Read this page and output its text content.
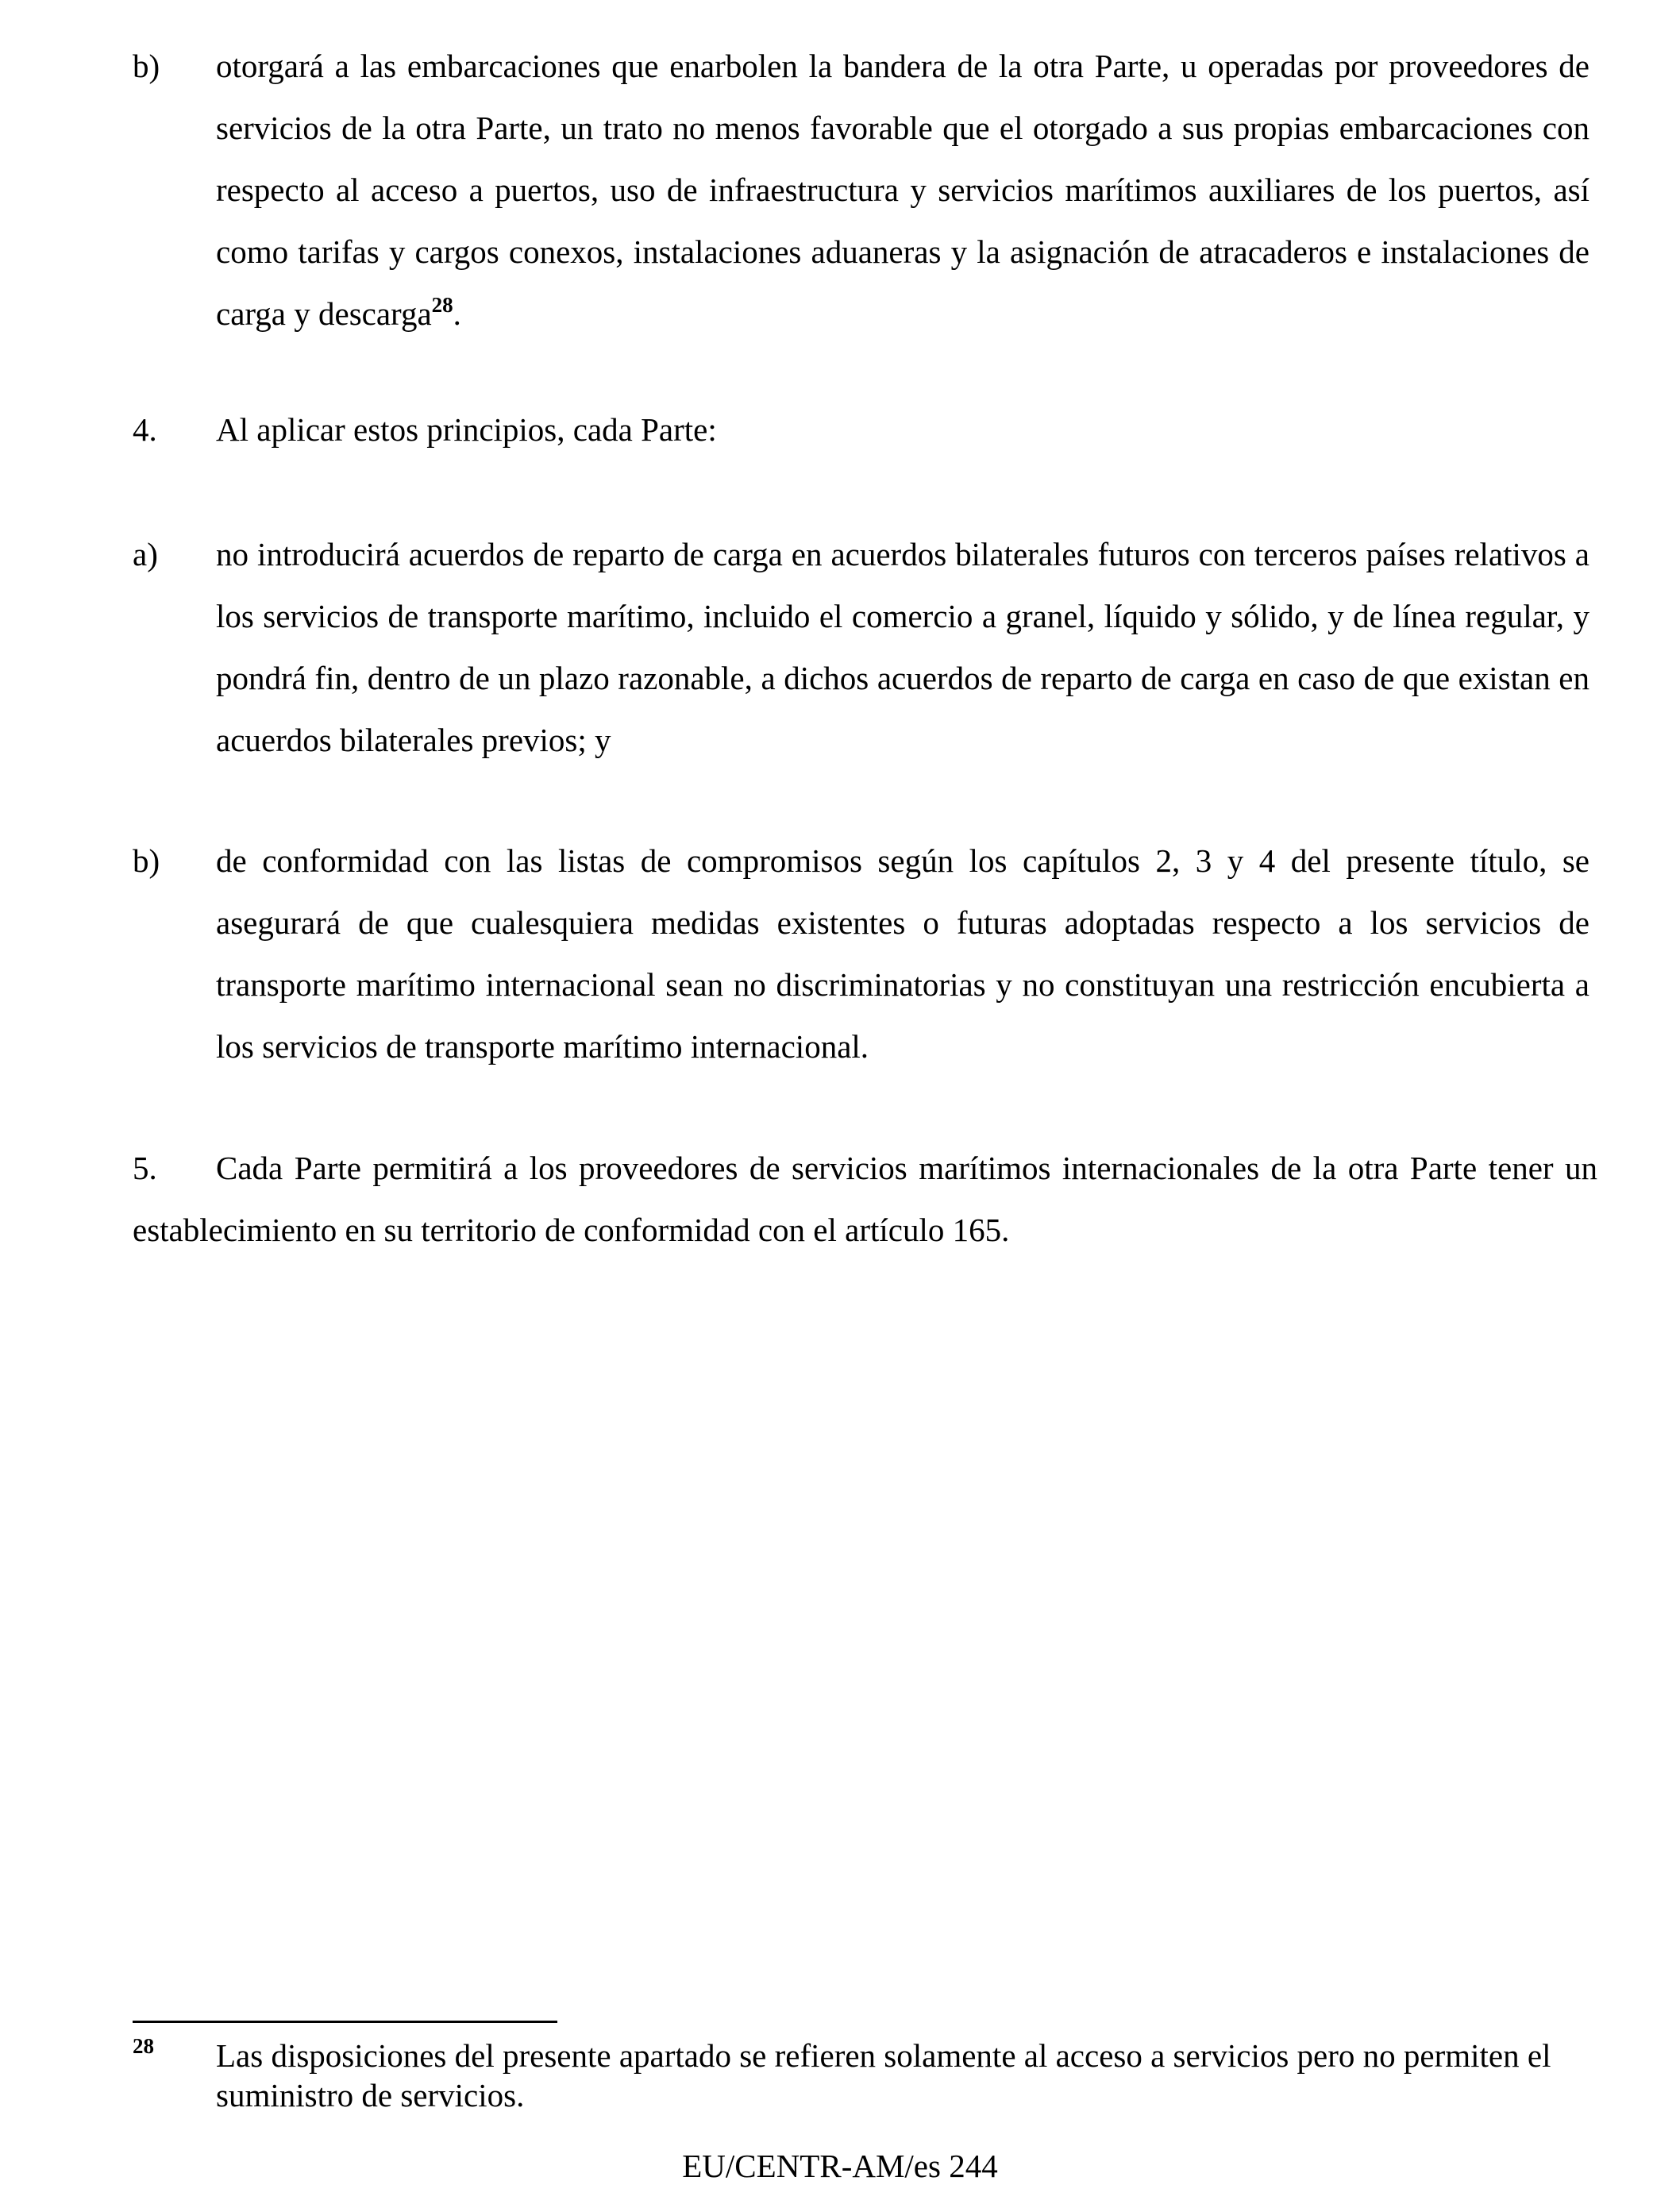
b)	otorgará a las embarcaciones que enarbolen la bandera de la otra Parte, u operadas por proveedores de servicios de la otra Parte, un trato no menos favorable que el otorgado a sus propias embarcaciones con respecto al acceso a puertos, uso de infraestructura y servicios marítimos auxiliares de los puertos, así como tarifas y cargos conexos, instalaciones aduaneras y la asignación de atracaderos e instalaciones de carga y descarga$^{28}$.
4.	Al aplicar estos principios, cada Parte:
a)	no introducirá acuerdos de reparto de carga en acuerdos bilaterales futuros con terceros países relativos a los servicios de transporte marítimo, incluido el comercio a granel, líquido y sólido, y de línea regular, y pondrá fin, dentro de un plazo razonable, a dichos acuerdos de reparto de carga en caso de que existan en acuerdos bilaterales previos; y
b)	de conformidad con las listas de compromisos según los capítulos 2, 3 y 4 del presente título, se asegurará de que cualesquiera medidas existentes o futuras adoptadas respecto a los servicios de transporte marítimo internacional sean no discriminatorias y no constituyan una restricción encubierta a los servicios de transporte marítimo internacional.
5. Cada Parte permitirá a los proveedores de servicios marítimos internacionales de la otra Parte tener un establecimiento en su territorio de conformidad con el artículo 165.
28 Las disposiciones del presente apartado se refieren solamente al acceso a servicios pero no permiten el suministro de servicios.
EU/CENTR-AM/es 244
